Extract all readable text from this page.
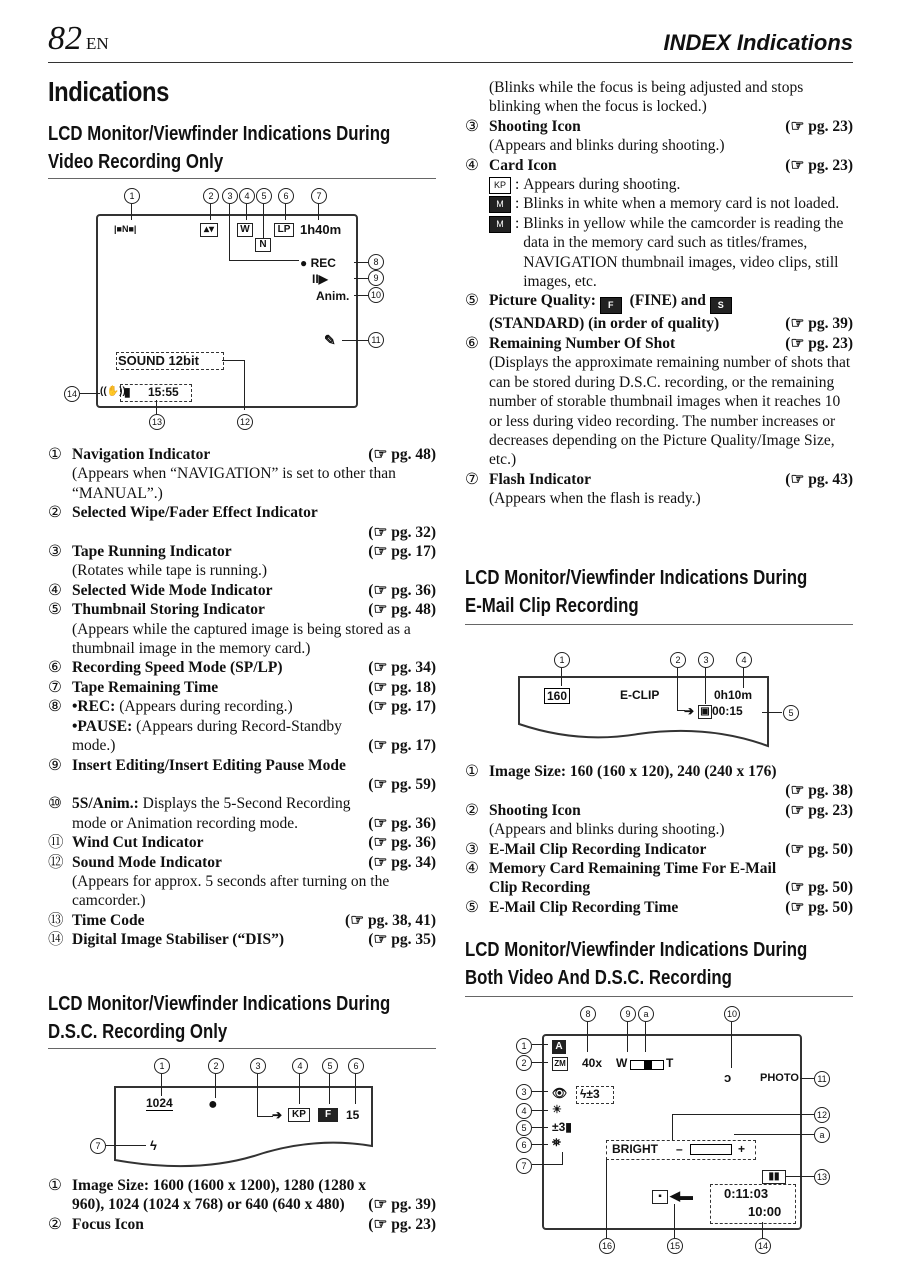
82 EN	INDEX Indications
Indications
LCD Monitor/Viewfinder Indications During
Video Recording Only
1	2	3	4	5	6	7
|■N■|	▴▾	W
N
LP 1h40m
● REC
II▶
Anim.
✎
8
9
10
11
SOUND 12bit
12
▮ 15:55
((✋))
14
13
① Navigation Indicator	(☞ pg. 48)
(Appears when “NAVIGATION” is set to other than “MANUAL”.)
② Selected Wipe/Fader Effect Indicator
(☞ pg. 32)
③ Tape Running Indicator	(☞ pg. 17)
(Rotates while tape is running.)
④ Selected Wide Mode Indicator	(☞ pg. 36)
⑤ Thumbnail Storing Indicator	(☞ pg. 48)
(Appears while the captured image is being stored as a thumbnail image in the memory card.)
⑥ Recording Speed Mode (SP/LP)	(☞ pg. 34)
⑦ Tape Remaining Time	(☞ pg. 18)
⑧ •REC: (Appears during recording.)	(☞ pg. 17)
•PAUSE: (Appears during Record-Standby mode.)	(☞ pg. 17)
⑨ Insert Editing/Insert Editing Pause Mode
(☞ pg. 59)
⑩ 5S/Anim.: Displays the 5-Second Recording mode or Animation recording mode.	(☞ pg. 36)
⑪ Wind Cut Indicator	(☞ pg. 36)
⑫ Sound Mode Indicator	(☞ pg. 34)
(Appears for approx. 5 seconds after turning on the camcorder.)
⑬ Time Code	(☞ pg. 38, 41)
⑭ Digital Image Stabiliser (“DIS”)	(☞ pg. 35)
LCD Monitor/Viewfinder Indications During
D.S.C. Recording Only
1	2	3	4	5	6
1024 ●
➔ KP	F	15
7	ϟ
① Image Size: 1600 (1600 x 1200), 1280 (1280 x 960), 1024 (1024 x 768) or 640 (640 x 480)	(☞ pg. 39)
② Focus Icon	(☞ pg. 23)
(Blinks while the focus is being adjusted and stops blinking when the focus is locked.)
③ Shooting Icon	(☞ pg. 23)
(Appears and blinks during shooting.)
④ Card Icon	(☞ pg. 23)
KP : Appears during shooting.
M : Blinks in white when a memory card is not loaded.
M : Blinks in yellow while the camcorder is reading the data in the memory card such as titles/frames, NAVIGATION thumbnail images, video clips, still images, etc.
⑤ Picture Quality: F (FINE) and S
(STANDARD) (in order of quality)	(☞ pg. 39)
⑥ Remaining Number Of Shot	(☞ pg. 23)
(Displays the approximate remaining number of shots that can be stored during D.S.C. recording, or the remaining number of storable thumbnail images when it reaches 10 or less during video recording. The number increases or decreases depending on the Picture Quality/Image Size, etc.)
⑦ Flash Indicator	(☞ pg. 43)
(Appears when the flash is ready.)
LCD Monitor/Viewfinder Indications During
E-Mail Clip Recording
1	2	3	4
160	E-CLIP	0h10m
➔ ▣ 00:15	5
① Image Size: 160 (160 x 120), 240 (240 x 176)
(☞ pg. 38)
② Shooting Icon	(☞ pg. 23)
(Appears and blinks during shooting.)
③ E-Mail Clip Recording Indicator	(☞ pg. 50)
④ Memory Card Remaining Time For E-Mail Clip Recording	(☞ pg. 50)
⑤ E-Mail Clip Recording Time	(☞ pg. 50)
LCD Monitor/Viewfinder Indications During
Both Video And D.S.C. Recording
8	9	a	10
1
2
3
4
5
6
7
A
ZM 40x W	T
ↄ	PHOTO	11
👁 ϟ±3
☀
±3▮
⛯
12
BRIGHT –	+
a
▮▮	13
▪ ◀▬ 0:11:03
10:00
16	15	14
